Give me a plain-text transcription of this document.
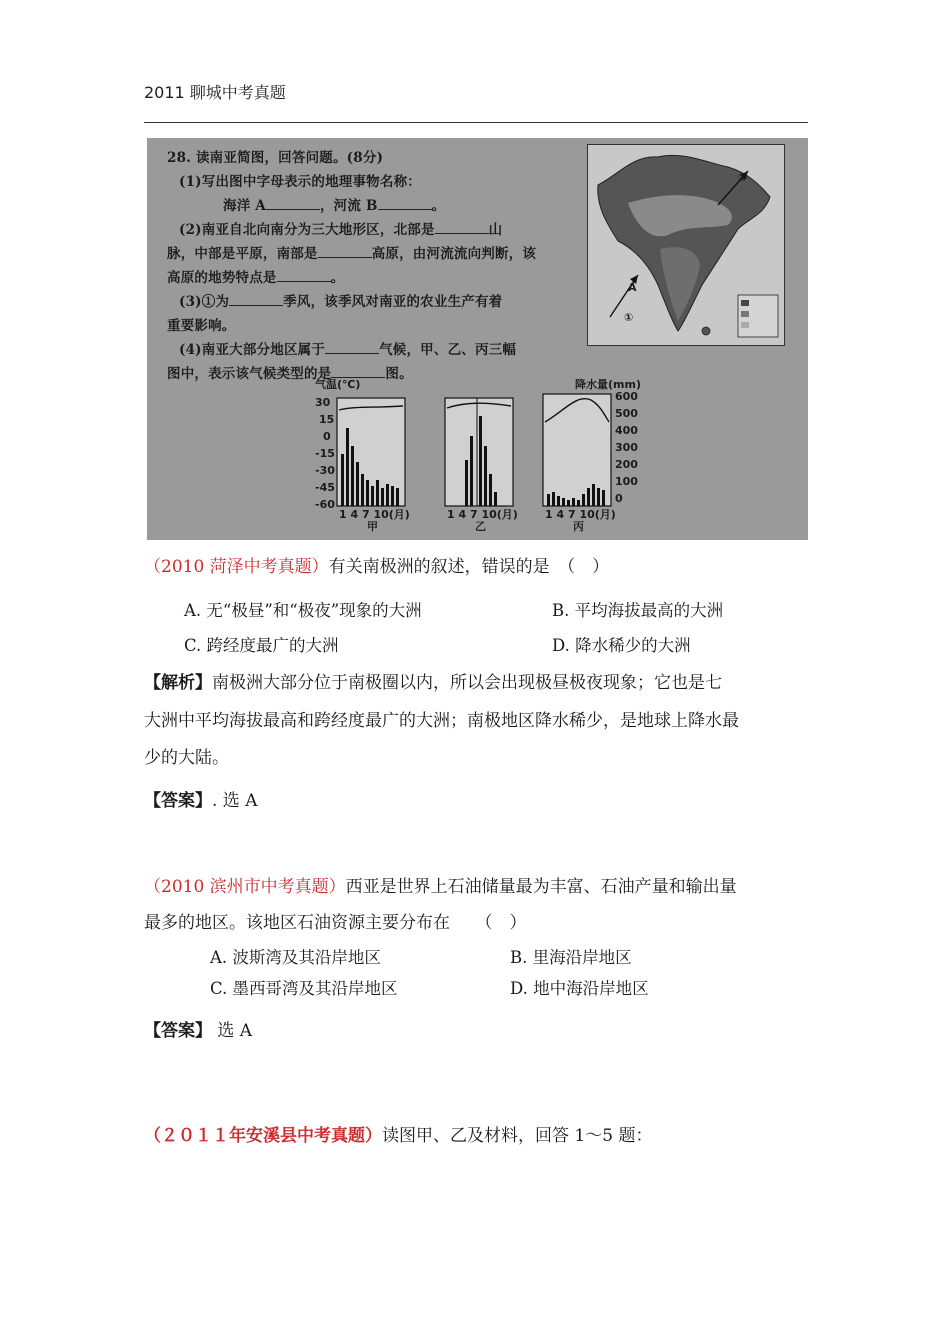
2011 聊城中考真题
28. 读南亚简图，回答问题。(8分)
(1)写出图中字母表示的地理事物名称：
海洋 A	，河流 B	。
(2)南亚自北向南分为三大地形区，北部是	山
脉，中部是平原，南部是	高原，由河流流向判断，该
高原的地势特点是	。
(3)①为	季风，该季风对南亚的农业生产有着
重要影响。
(4)南亚大部分地区属于	气候，甲、乙、丙三幅
图中，表示该气候类型的是	图。
A
①
②
气温(℃)	降水量(mm)
30
15
0
-15
-30
-45
-60
1 4 7 10(月)
甲
1 4 7 10(月)
乙
1 4 7 10(月)
丙
600
500
400
300
200
100
0
（2010 菏泽中考真题）有关南极洲的叙述，错误的是　（　）
A. 无“极昼”和“极夜”现象的大洲	B. 平均海拔最高的大洲
C. 跨经度最广的大洲	D. 降水稀少的大洲
【解析】南极洲大部分位于南极圈以内，所以会出现极昼极夜现象；它也是七
大洲中平均海拔最高和跨经度最广的大洲；南极地区降水稀少，是地球上降水最
少的大陆。
【答案】. 选 A
（2010 滨州市中考真题）西亚是世界上石油储量最为丰富、石油产量和输出量
最多的地区。该地区石油资源主要分布在　　（　）
A. 波斯湾及其沿岸地区	B. 里海沿岸地区
C. 墨西哥湾及其沿岸地区	D. 地中海沿岸地区
【答案】 选 A
（２０１１年安溪县中考真题）读图甲、乙及材料，回答 1～5 题：
